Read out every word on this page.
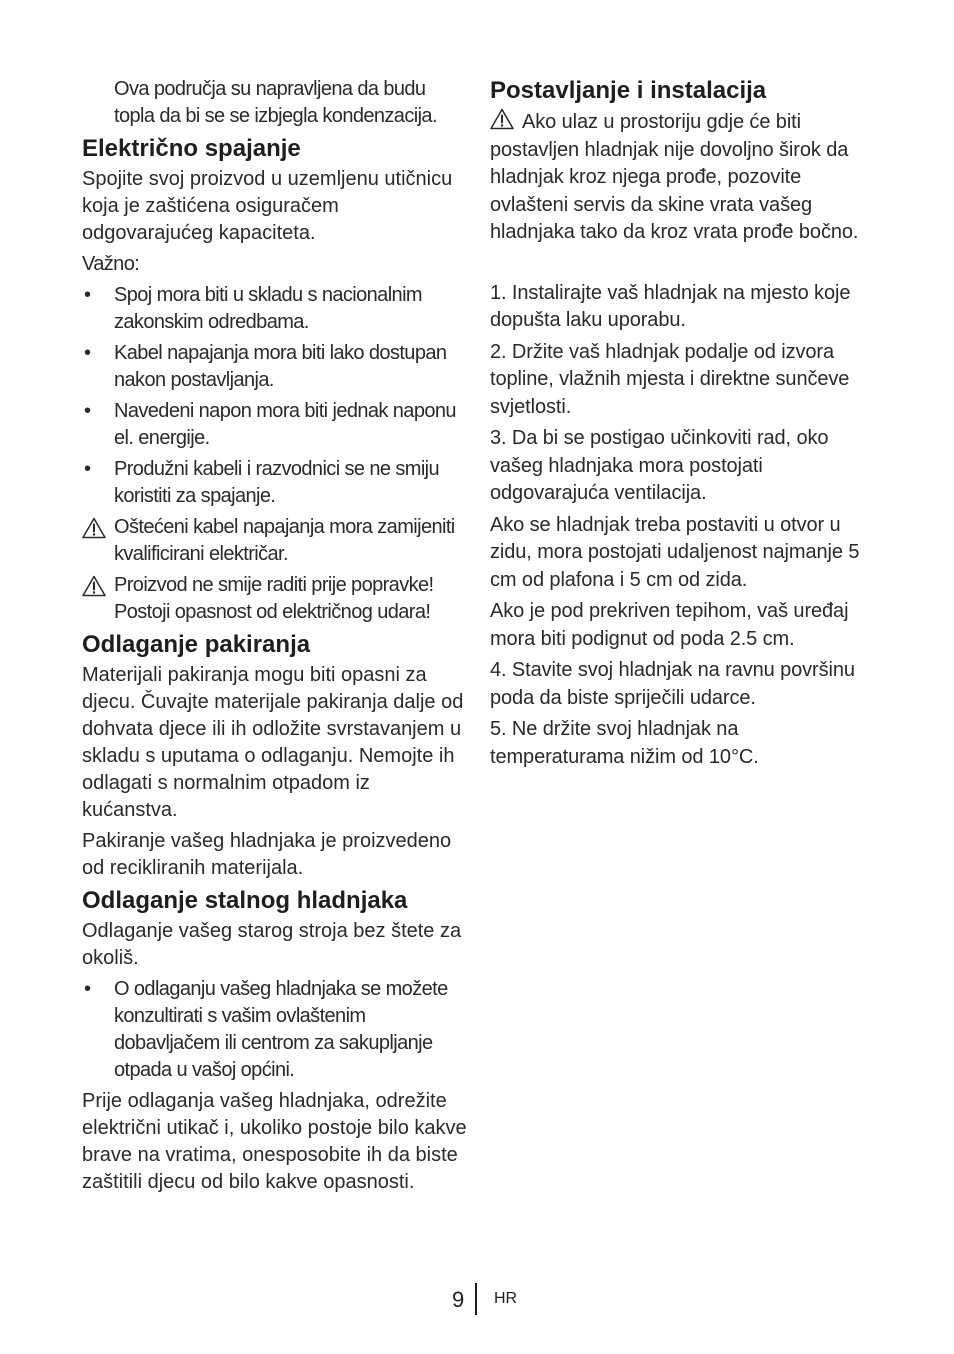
Ova područja su napravljena da budu topla da bi se se izbjegla kondenzacija.

Električno spajanje

Spojite svoj proizvod u uzemljenu utičnicu koja je zaštićena osiguračem odgovarajućeg kapaciteta.

Važno:

• Spoj mora biti u skladu s nacionalnim zakonskim odredbama.
• Kabel napajanja mora biti lako dostupan nakon postavljanja.
• Navedeni napon mora biti jednak naponu el. energije.
• Produžni kabeli i razvodnici se ne smiju koristiti za spajanje.
Oštećeni kabel napajanja mora zamijeniti kvalificirani električar.
Proizvod ne smije raditi prije popravke! Postoji opasnost od električnog udara!
Odlaganje pakiranja

Materijali pakiranja mogu biti opasni za djecu. Čuvajte materijale pakiranja dalje od dohvata djece ili ih odložite svrstavanjem u skladu s uputama o odlaganju. Nemojte ih odlagati s normalnim otpadom iz kućanstva.

Pakiranje vašeg hladnjaka je proizvedeno od recikliranih materijala.

Odlaganje stalnog hladnjaka

Odlaganje vašeg starog stroja bez štete za okoliš.

• O odlaganju vašeg hladnjaka se možete konzultirati s vašim ovlaštenim dobavljačem ili centrom za sakupljanje otpada u vašoj općini.

Prije odlaganja vašeg hladnjaka, odrežite električni utikač i, ukoliko postoje bilo kakve brave na vratima, onesposobite ih da biste zaštitili djecu od bilo kakve opasnosti.

Postavljanje i instalacija

Ako ulaz u prostoriju gdje će biti postavljen hladnjak nije dovoljno širok da hladnjak kroz njega prođe, pozovite ovlašteni servis da skine vrata vašeg hladnjaka tako da kroz vrata prođe bočno.

1. Instalirajte vaš hladnjak na mjesto koje dopušta laku uporabu.

2. Držite vaš hladnjak podalje od izvora topline, vlažnih mjesta i direktne sunčeve svjetlosti.

3. Da bi se postigao učinkoviti rad, oko vašeg hladnjaka mora postojati odgovarajuća ventilacija.

Ako se hladnjak treba postaviti u otvor u zidu, mora postojati udaljenost najmanje 5 cm od plafona i 5 cm od zida.

Ako je pod prekriven tepihom, vaš uređaj mora biti podignut od poda 2.5 cm.

4. Stavite svoj hladnjak na ravnu površinu poda da biste spriječili udarce.

5. Ne držite svoj hladnjak na temperaturama nižim od 10°C.

9 HR
